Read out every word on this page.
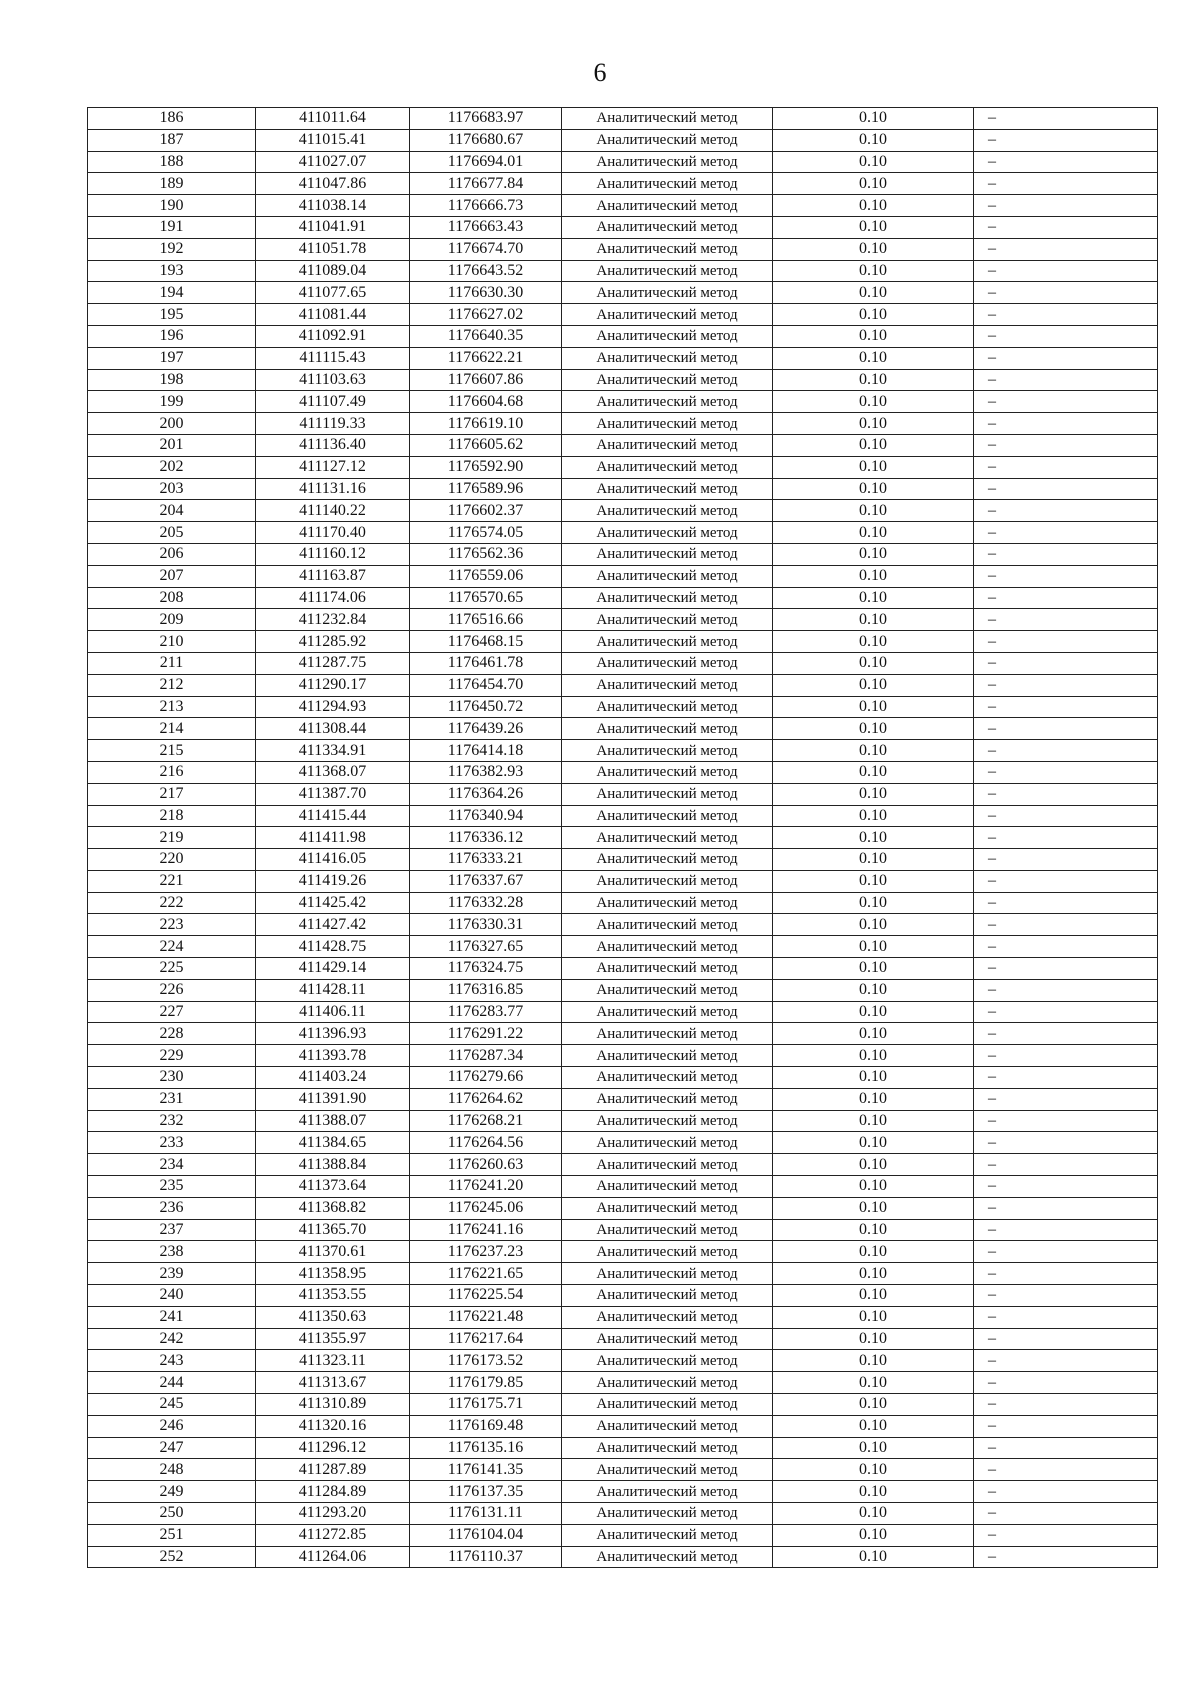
6
186	411011.64	1176683.97	Аналитический метод	0.10	–
187	411015.41	1176680.67	Аналитический метод	0.10	–
188	411027.07	1176694.01	Аналитический метод	0.10	–
189	411047.86	1176677.84	Аналитический метод	0.10	–
190	411038.14	1176666.73	Аналитический метод	0.10	–
191	411041.91	1176663.43	Аналитический метод	0.10	–
192	411051.78	1176674.70	Аналитический метод	0.10	–
193	411089.04	1176643.52	Аналитический метод	0.10	–
194	411077.65	1176630.30	Аналитический метод	0.10	–
195	411081.44	1176627.02	Аналитический метод	0.10	–
196	411092.91	1176640.35	Аналитический метод	0.10	–
197	411115.43	1176622.21	Аналитический метод	0.10	–
198	411103.63	1176607.86	Аналитический метод	0.10	–
199	411107.49	1176604.68	Аналитический метод	0.10	–
200	411119.33	1176619.10	Аналитический метод	0.10	–
201	411136.40	1176605.62	Аналитический метод	0.10	–
202	411127.12	1176592.90	Аналитический метод	0.10	–
203	411131.16	1176589.96	Аналитический метод	0.10	–
204	411140.22	1176602.37	Аналитический метод	0.10	–
205	411170.40	1176574.05	Аналитический метод	0.10	–
206	411160.12	1176562.36	Аналитический метод	0.10	–
207	411163.87	1176559.06	Аналитический метод	0.10	–
208	411174.06	1176570.65	Аналитический метод	0.10	–
209	411232.84	1176516.66	Аналитический метод	0.10	–
210	411285.92	1176468.15	Аналитический метод	0.10	–
211	411287.75	1176461.78	Аналитический метод	0.10	–
212	411290.17	1176454.70	Аналитический метод	0.10	–
213	411294.93	1176450.72	Аналитический метод	0.10	–
214	411308.44	1176439.26	Аналитический метод	0.10	–
215	411334.91	1176414.18	Аналитический метод	0.10	–
216	411368.07	1176382.93	Аналитический метод	0.10	–
217	411387.70	1176364.26	Аналитический метод	0.10	–
218	411415.44	1176340.94	Аналитический метод	0.10	–
219	411411.98	1176336.12	Аналитический метод	0.10	–
220	411416.05	1176333.21	Аналитический метод	0.10	–
221	411419.26	1176337.67	Аналитический метод	0.10	–
222	411425.42	1176332.28	Аналитический метод	0.10	–
223	411427.42	1176330.31	Аналитический метод	0.10	–
224	411428.75	1176327.65	Аналитический метод	0.10	–
225	411429.14	1176324.75	Аналитический метод	0.10	–
226	411428.11	1176316.85	Аналитический метод	0.10	–
227	411406.11	1176283.77	Аналитический метод	0.10	–
228	411396.93	1176291.22	Аналитический метод	0.10	–
229	411393.78	1176287.34	Аналитический метод	0.10	–
230	411403.24	1176279.66	Аналитический метод	0.10	–
231	411391.90	1176264.62	Аналитический метод	0.10	–
232	411388.07	1176268.21	Аналитический метод	0.10	–
233	411384.65	1176264.56	Аналитический метод	0.10	–
234	411388.84	1176260.63	Аналитический метод	0.10	–
235	411373.64	1176241.20	Аналитический метод	0.10	–
236	411368.82	1176245.06	Аналитический метод	0.10	–
237	411365.70	1176241.16	Аналитический метод	0.10	–
238	411370.61	1176237.23	Аналитический метод	0.10	–
239	411358.95	1176221.65	Аналитический метод	0.10	–
240	411353.55	1176225.54	Аналитический метод	0.10	–
241	411350.63	1176221.48	Аналитический метод	0.10	–
242	411355.97	1176217.64	Аналитический метод	0.10	–
243	411323.11	1176173.52	Аналитический метод	0.10	–
244	411313.67	1176179.85	Аналитический метод	0.10	–
245	411310.89	1176175.71	Аналитический метод	0.10	–
246	411320.16	1176169.48	Аналитический метод	0.10	–
247	411296.12	1176135.16	Аналитический метод	0.10	–
248	411287.89	1176141.35	Аналитический метод	0.10	–
249	411284.89	1176137.35	Аналитический метод	0.10	–
250	411293.20	1176131.11	Аналитический метод	0.10	–
251	411272.85	1176104.04	Аналитический метод	0.10	–
252	411264.06	1176110.37	Аналитический метод	0.10	–
